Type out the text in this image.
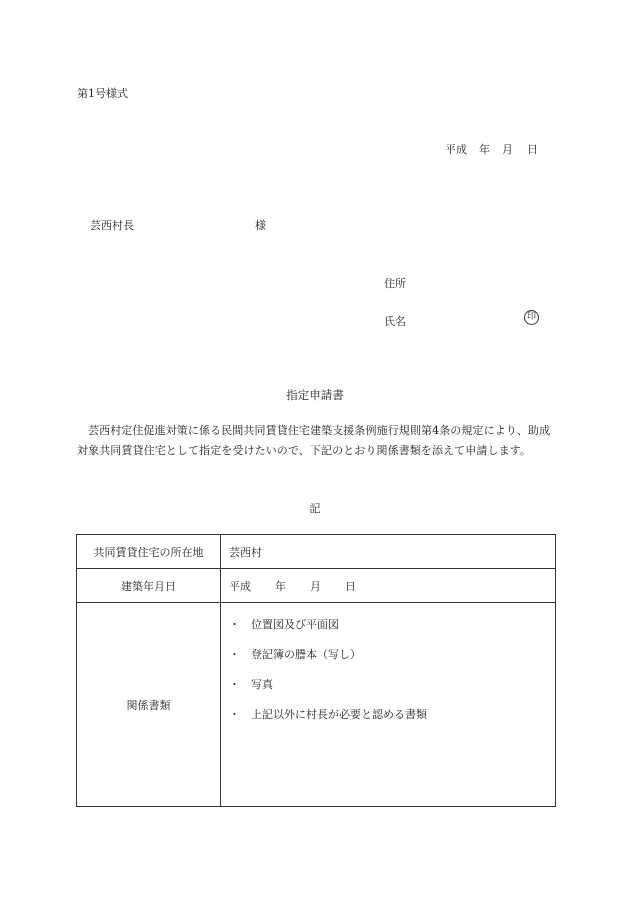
第1号様式
平成 年 月 日
芸西村長	様
住所
氏名	印
指定申請書
芸西村定住促進対策に係る民間共同賃貸住宅建築支援条例施行規則第4条の規定により、助成対象共同賃貸住宅として指定を受けたいので、下記のとおり関係書類を添えて申請します。
記
共同賃貸住宅の所在地	芸西村
建築年月日	平成 年 月 日
関係書類	・ 位置図及び平面図
・ 登記簿の謄本（写し）
・ 写真
・ 上記以外に村長が必要と認める書類
